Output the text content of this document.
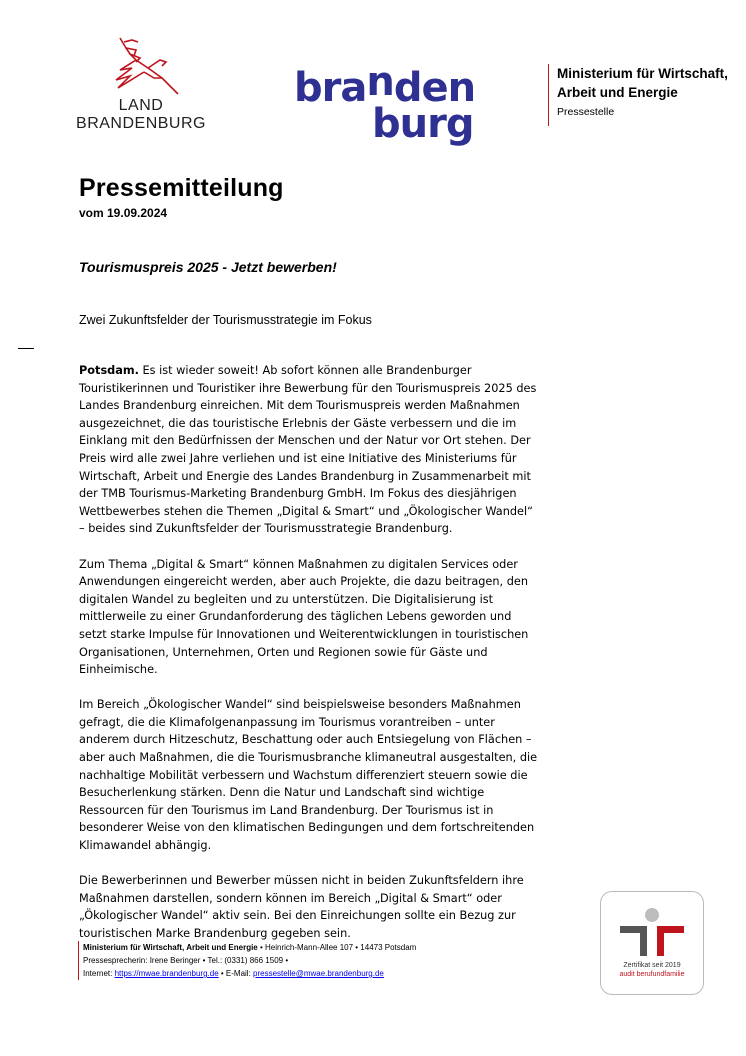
LAND
BRANDENBURG
branden
burg
Ministerium für Wirtschaft,
Arbeit und Energie
Pressestelle
Pressemitteilung
vom 19.09.2024
Tourismuspreis 2025 - Jetzt bewerben!
Zwei Zukunftsfelder der Tourismusstrategie im Fokus

Potsdam. Es ist wieder soweit! Ab sofort können alle Brandenburger Touristikerinnen und Touristiker ihre Bewerbung für den Tourismuspreis 2025 des Landes Brandenburg einreichen. Mit dem Tourismuspreis werden Maßnahmen ausgezeichnet, die das touristische Erlebnis der Gäste verbessern und die im Einklang mit den Bedürfnissen der Menschen und der Natur vor Ort stehen. Der Preis wird alle zwei Jahre verliehen und ist eine Initiative des Ministeriums für Wirtschaft, Arbeit und Energie des Landes Brandenburg in Zusammenarbeit mit der TMB Tourismus-Marketing Brandenburg GmbH. Im Fokus des diesjährigen Wettbewerbes stehen die Themen „Digital & Smart“ und „Ökologischer Wandel“ – beides sind Zukunftsfelder der Tourismusstrategie Brandenburg.

Zum Thema „Digital & Smart“ können Maßnahmen zu digitalen Services oder Anwendungen eingereicht werden, aber auch Projekte, die dazu beitragen, den digitalen Wandel zu begleiten und zu unterstützen. Die Digitalisierung ist mittlerweile zu einer Grundanforderung des täglichen Lebens geworden und setzt starke Impulse für Innovationen und Weiterentwicklungen in touristischen Organisationen, Unternehmen, Orten und Regionen sowie für Gäste und Einheimische.

Im Bereich „Ökologischer Wandel“ sind beispielsweise besonders Maßnahmen gefragt, die die Klimafolgenanpassung im Tourismus vorantreiben – unter anderem durch Hitzeschutz, Beschattung oder auch Entsiegelung von Flächen – aber auch Maßnahmen, die die Tourismusbranche klimaneutral ausgestalten, die nachhaltige Mobilität verbessern und Wachstum differenziert steuern sowie die Besucherlenkung stärken. Denn die Natur und Landschaft sind wichtige Ressourcen für den Tourismus im Land Brandenburg. Der Tourismus ist in besonderer Weise von den klimatischen Bedingungen und dem fortschreitenden Klimawandel abhängig.

Die Bewerberinnen und Bewerber müssen nicht in beiden Zukunftsfeldern ihre Maßnahmen darstellen, sondern können im Bereich „Digital & Smart“ oder „Ökologischer Wandel“ aktiv sein. Bei den Einreichungen sollte ein Bezug zur touristischen Marke Brandenburg gegeben sein.

Ministerium für Wirtschaft, Arbeit und Energie • Heinrich-Mann-Allee 107 • 14473 Potsdam
Pressesprecherin: Irene Beringer • Tel.: (0331) 866 1509 •
Internet: https://mwae.brandenburg.de • E-Mail: pressestelle@mwae.brandenburg.de
Zertifikat seit 2019
audit berufundfamilie
